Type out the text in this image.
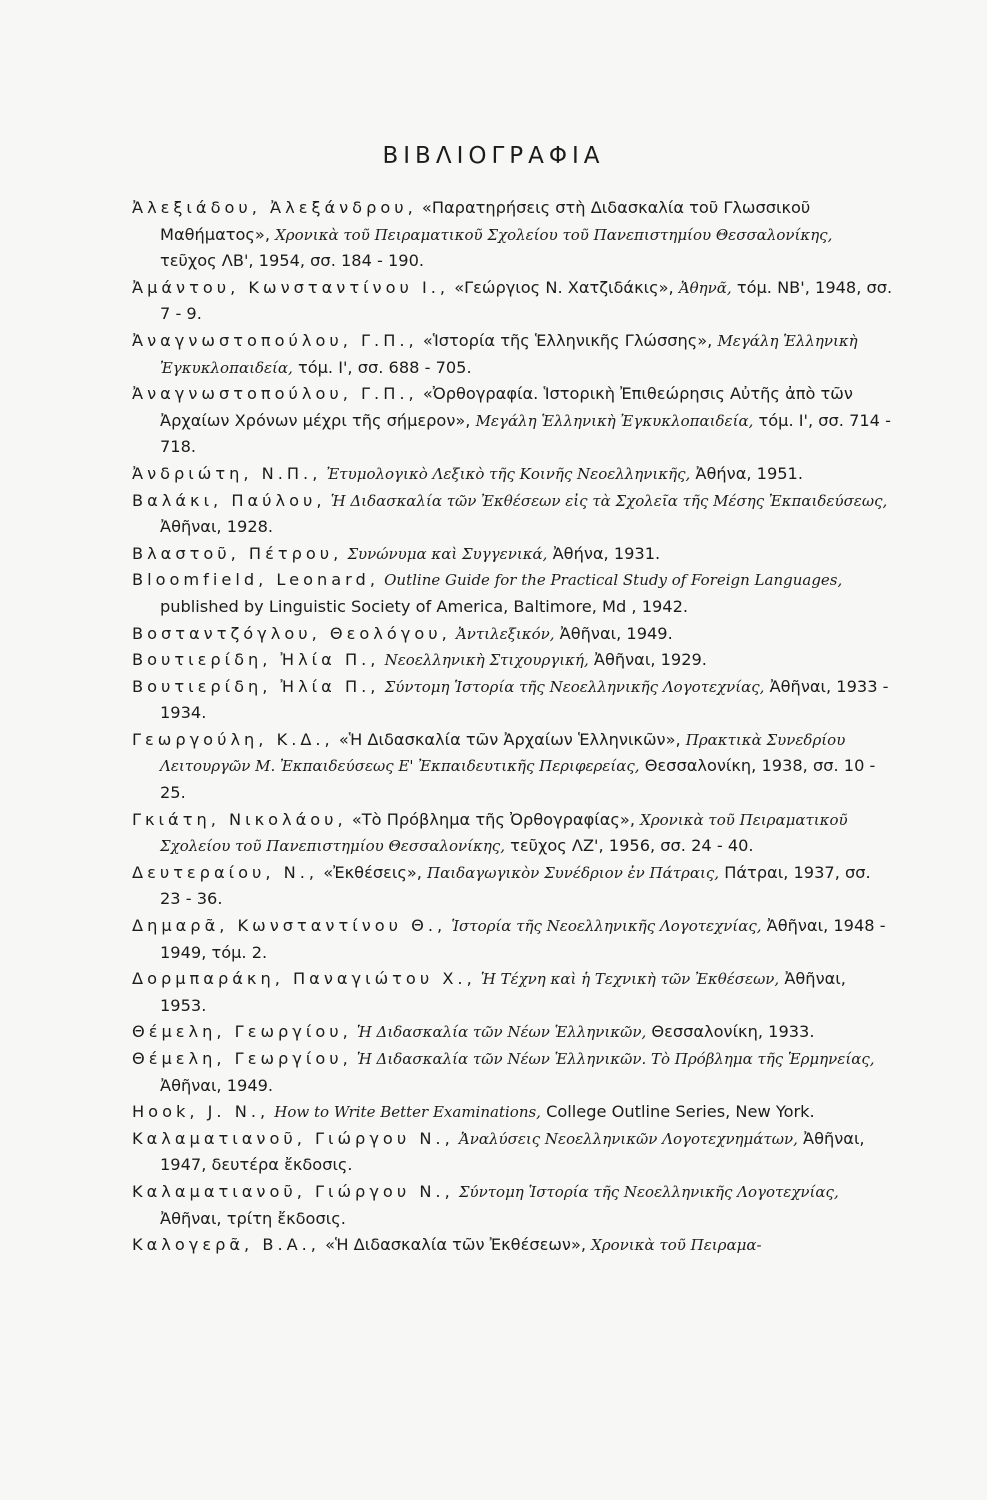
ΒΙΒΛΙΟΓΡΑΦΙΑ

Ἀλεξιάδου, Ἀλεξάνδρου, «Παρατηρήσεις στὴ Διδασκαλία τοῦ Γλωσσικοῦ Μαθήματος», Χρονικὰ τοῦ Πειραματικοῦ Σχολείου τοῦ Πανεπιστημίου Θεσσαλονίκης, τεῦχος ΛΒ', 1954, σσ. 184 - 190.

Ἀμάντου, Κωνσταντίνου Ι., «Γεώργιος Ν. Χατζιδάκις», Ἀθηνᾶ, τόμ. ΝΒ', 1948, σσ. 7 - 9.

Ἀναγνωστοπούλου, Γ.Π., «Ἱστορία τῆς Ἑλληνικῆς Γλώσσης», Μεγάλη Ἑλληνικὴ Ἐγκυκλοπαιδεία, τόμ. Ι', σσ. 688 - 705.

Ἀναγνωστοπούλου, Γ.Π., «Ὀρθογραφία. Ἱστορικὴ Ἐπιθεώρησις Αὐτῆς ἀπὸ τῶν Ἀρχαίων Χρόνων μέχρι τῆς σήμερον», Μεγάλη Ἑλληνικὴ Ἐγκυκλοπαιδεία, τόμ. Ι', σσ. 714 - 718.

Ἀνδριώτη, Ν.Π., Ἐτυμολογικὸ Λεξικὸ τῆς Κοινῆς Νεοελληνικῆς, Ἀθήνα, 1951.

Βαλάκι, Παύλου, Ἡ Διδασκαλία τῶν Ἐκθέσεων εἰς τὰ Σχολεῖα τῆς Μέσης Ἐκπαιδεύσεως, Ἀθῆναι, 1928.

Βλαστοῦ, Πέτρου, Συνώνυμα καὶ Συγγενικά, Ἀθήνα, 1931.

Bloomfield, Leonard, Outline Guide for the Practical Study of Foreign Languages, published by Linguistic Society of America, Baltimore, Md , 1942.

Βοσταντζόγλου, Θεολόγου, Ἀντιλεξικόν, Ἀθῆναι, 1949.

Βουτιερίδη, Ἠλία Π., Νεοελληνικὴ Στιχουργική, Ἀθῆναι, 1929.

Βουτιερίδη, Ἠλία Π., Σύντομη Ἱστορία τῆς Νεοελληνικῆς Λογοτεχνίας, Ἀθῆναι, 1933 - 1934.

Γεωργούλη, Κ.Δ., «Ἡ Διδασκαλία τῶν Ἀρχαίων Ἑλληνικῶν», Πρακτικὰ Συνεδρίου Λειτουργῶν Μ. Ἐκπαιδεύσεως Ε' Ἐκπαιδευτικῆς Περιφερείας, Θεσσαλονίκη, 1938, σσ. 10 - 25.

Γκιάτη, Νικολάου, «Τὸ Πρόβλημα τῆς Ὀρθογραφίας», Χρονικὰ τοῦ Πειραματικοῦ Σχολείου τοῦ Πανεπιστημίου Θεσσαλονίκης, τεῦχος ΛΖ', 1956, σσ. 24 - 40.

Δευτεραίου, Ν., «Ἐκθέσεις», Παιδαγωγικὸν Συνέδριον ἐν Πάτραις, Πάτραι, 1937, σσ. 23 - 36.

Δημαρᾶ, Κωνσταντίνου Θ., Ἱστορία τῆς Νεοελληνικῆς Λογοτεχνίας, Ἀθῆναι, 1948 - 1949, τόμ. 2.

Δορμπαράκη, Παναγιώτου Χ., Ἡ Τέχνη καὶ ἡ Τεχνικὴ τῶν Ἐκθέσεων, Ἀθῆναι, 1953.

Θέμελη, Γεωργίου, Ἡ Διδασκαλία τῶν Νέων Ἑλληνικῶν, Θεσσαλονίκη, 1933.

Θέμελη, Γεωργίου, Ἡ Διδασκαλία τῶν Νέων Ἑλληνικῶν. Τὸ Πρόβλημα τῆς Ἑρμηνείας, Ἀθῆναι, 1949.

Hook, J. N., How to Write Better Examinations, College Outline Series, New York.

Καλαματιανοῦ, Γιώργου Ν., Ἀναλύσεις Νεοελληνικῶν Λογοτεχνημάτων, Ἀθῆναι, 1947, δευτέρα ἔκδοσις.

Καλαματιανοῦ, Γιώργου Ν., Σύντομη Ἱστορία τῆς Νεοελληνικῆς Λογοτεχνίας, Ἀθῆναι, τρίτη ἔκδοσις.

Καλογερᾶ, Β.Α., «Ἡ Διδασκαλία τῶν Ἐκθέσεων», Χρονικὰ τοῦ Πειραμα-
